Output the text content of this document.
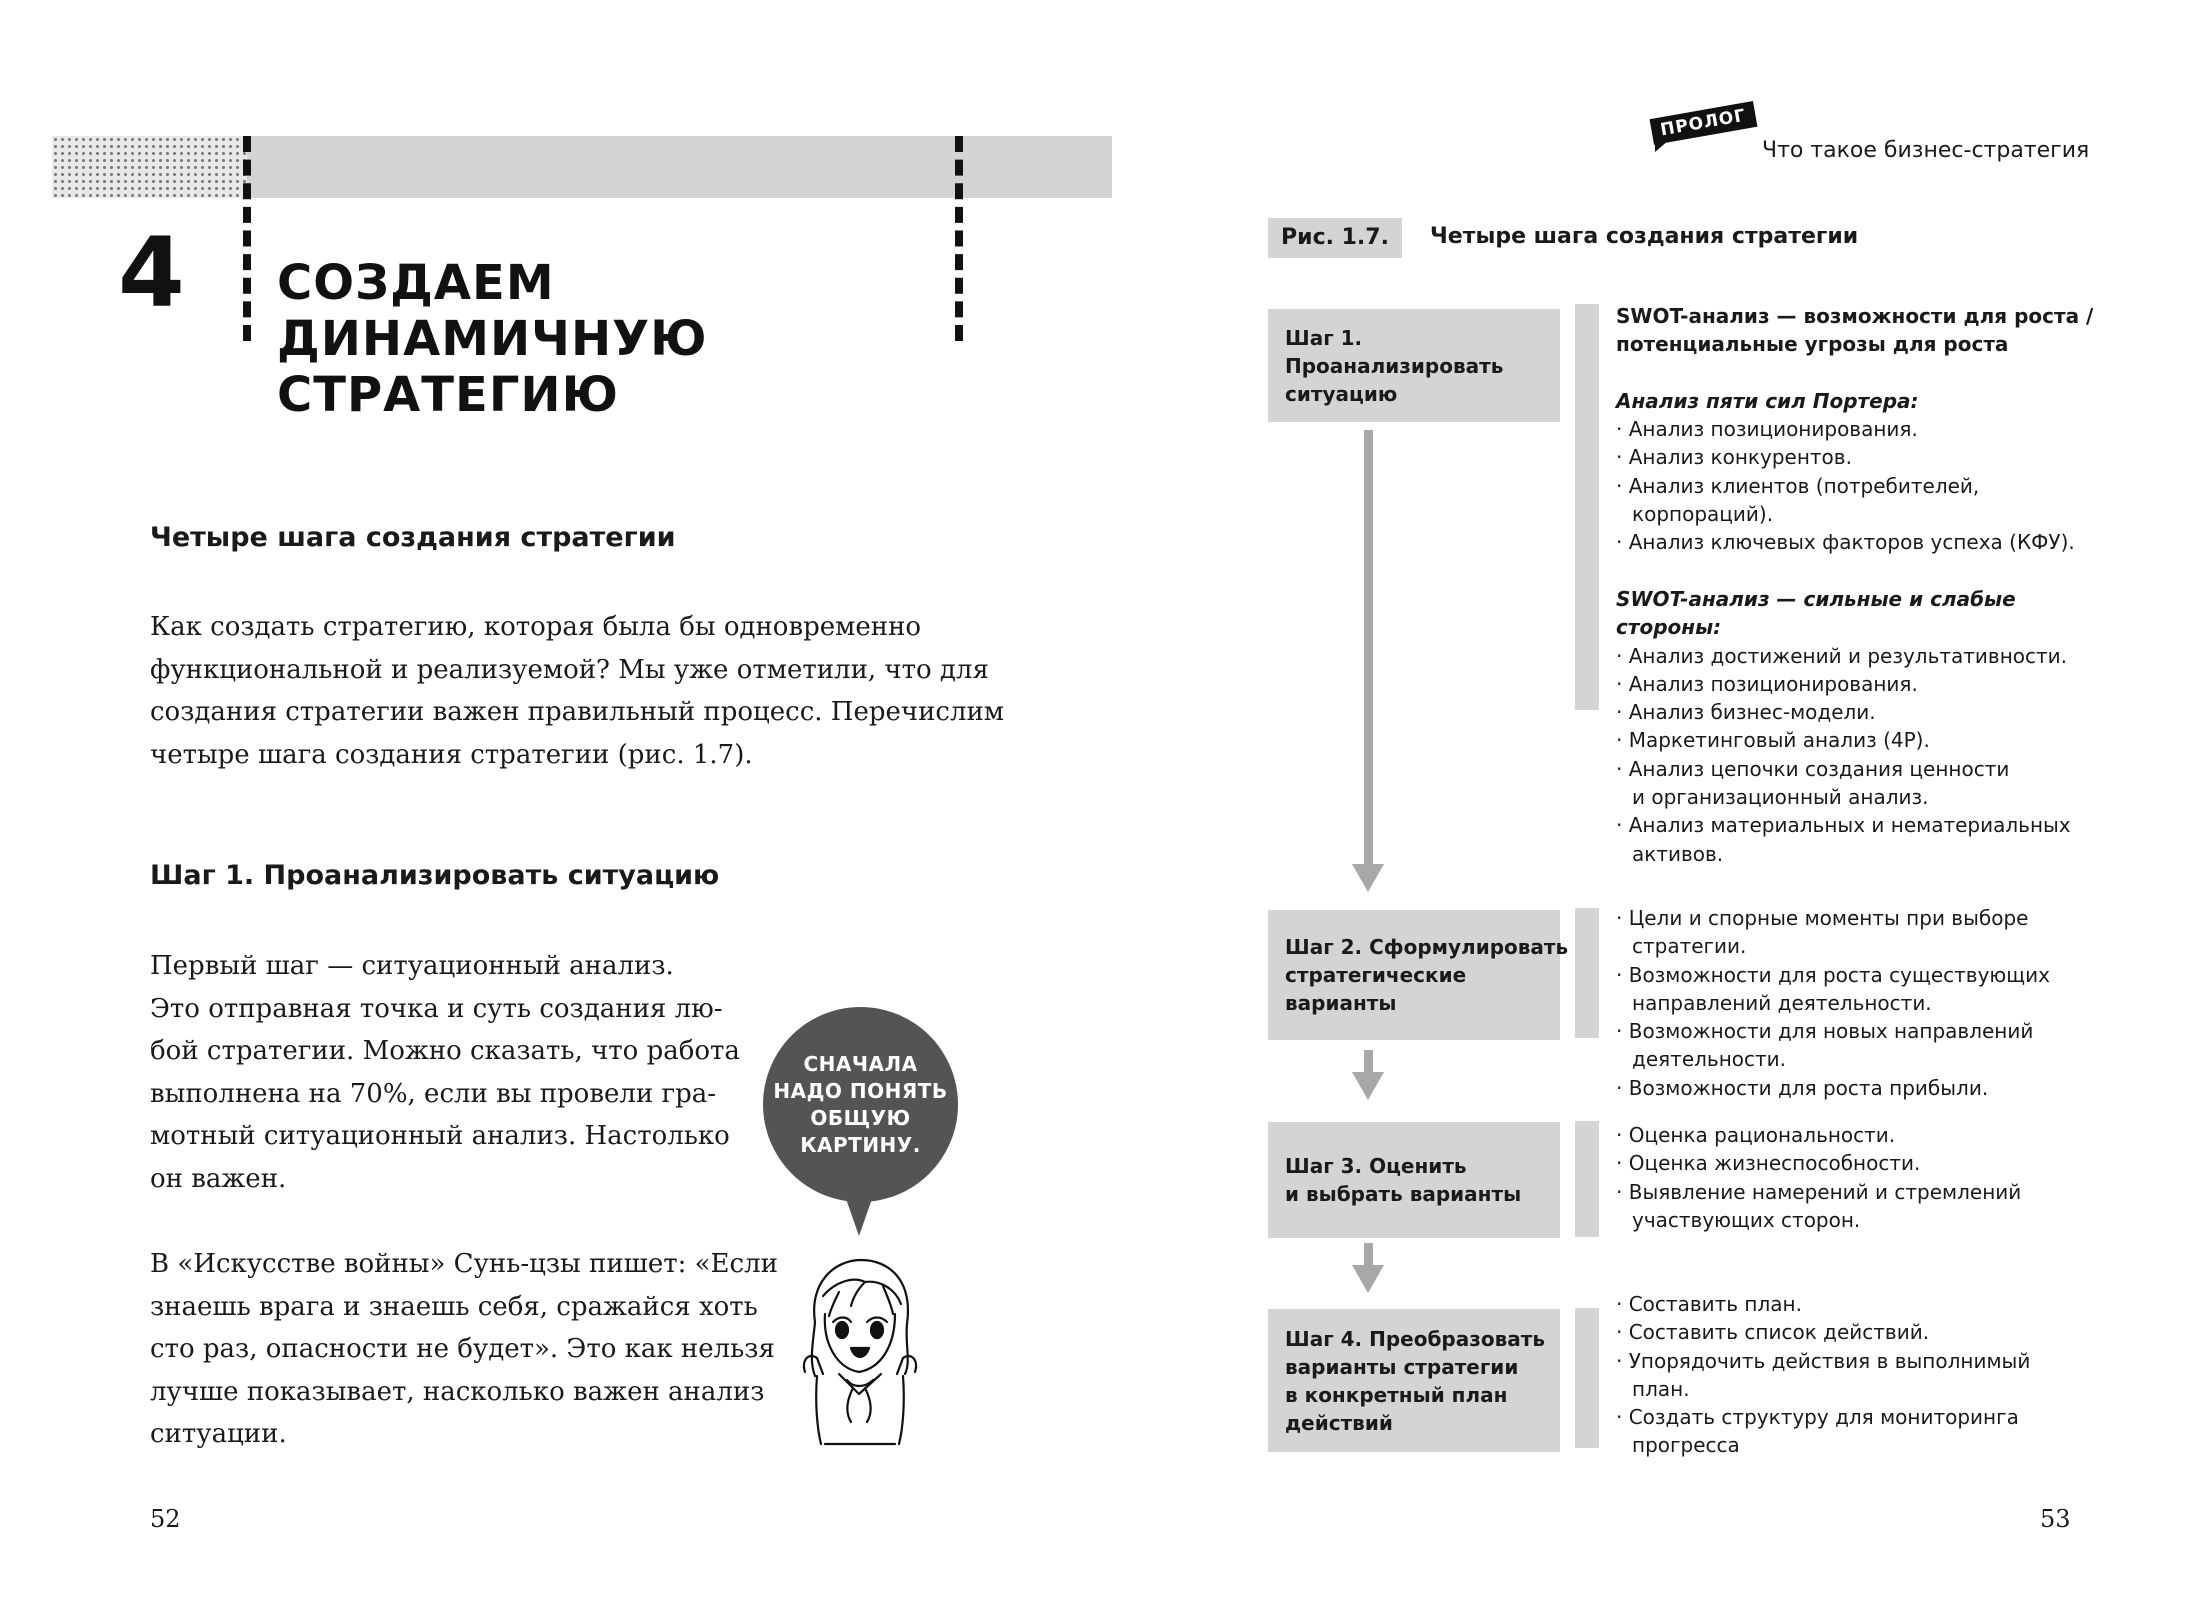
4 СОЗДАЕМ ДИНАМИЧНУЮ
СТРАТЕГИЮ
Четыре шага создания стратегии
Как создать стратегию, которая была бы одновременно
функциональной и реализуемой? Мы уже отметили, что для
создания стратегии важен правильный процесс. Перечислим
четыре шага создания стратегии (рис. 1.7).
Шаг 1. Проанализировать ситуацию
Первый шаг — ситуационный анализ.
Это отправная точка и суть создания лю-
бой стратегии. Можно сказать, что работа
выполнена на 70%, если вы провели гра-
мотный ситуационный анализ. Настолько
он важен.
В «Искусстве войны» Сунь-цзы пишет: «Если
знаешь врага и знаешь себя, сражайся хоть
сто раз, опасности не будет». Это как нельзя
лучше показывает, насколько важен анализ
ситуации.
СНАЧАЛА
НАДО ПОНЯТЬ
ОБЩУЮ
КАРТИНУ.
52
ПРОЛОГ
Что такое бизнес-стратегия
Рис. 1.7.	Четыре шага создания стратегии
Шаг 1.
Проанализировать
ситуацию
Шаг 2. Сформулировать
стратегические
варианты
Шаг 3. Оценить
и выбрать варианты
Шаг 4. Преобразовать
варианты стратегии
в конкретный план
действий
SWOT-анализ — возможности для роста /
потенциальные угрозы для роста
Анализ пяти сил Портера:
· Анализ позиционирования.
· Анализ конкурентов.
· Анализ клиентов (потребителей,
корпораций).
· Анализ ключевых факторов успеха (КФУ).
SWOT-анализ — сильные и слабые
стороны:
· Анализ достижений и результативности.
· Анализ позиционирования.
· Анализ бизнес-модели.
· Маркетинговый анализ (4P).
· Анализ цепочки создания ценности
и организационный анализ.
· Анализ материальных и нематериальных
активов.
· Цели и спорные моменты при выборе
стратегии.
· Возможности для роста существующих
направлений деятельности.
· Возможности для новых направлений
деятельности.
· Возможности для роста прибыли.
· Оценка рациональности.
· Оценка жизнеспособности.
· Выявление намерений и стремлений
участвующих сторон.
· Составить план.
· Составить список действий.
· Упорядочить действия в выполнимый
план.
· Создать структуру для мониторинга
прогресса
53
